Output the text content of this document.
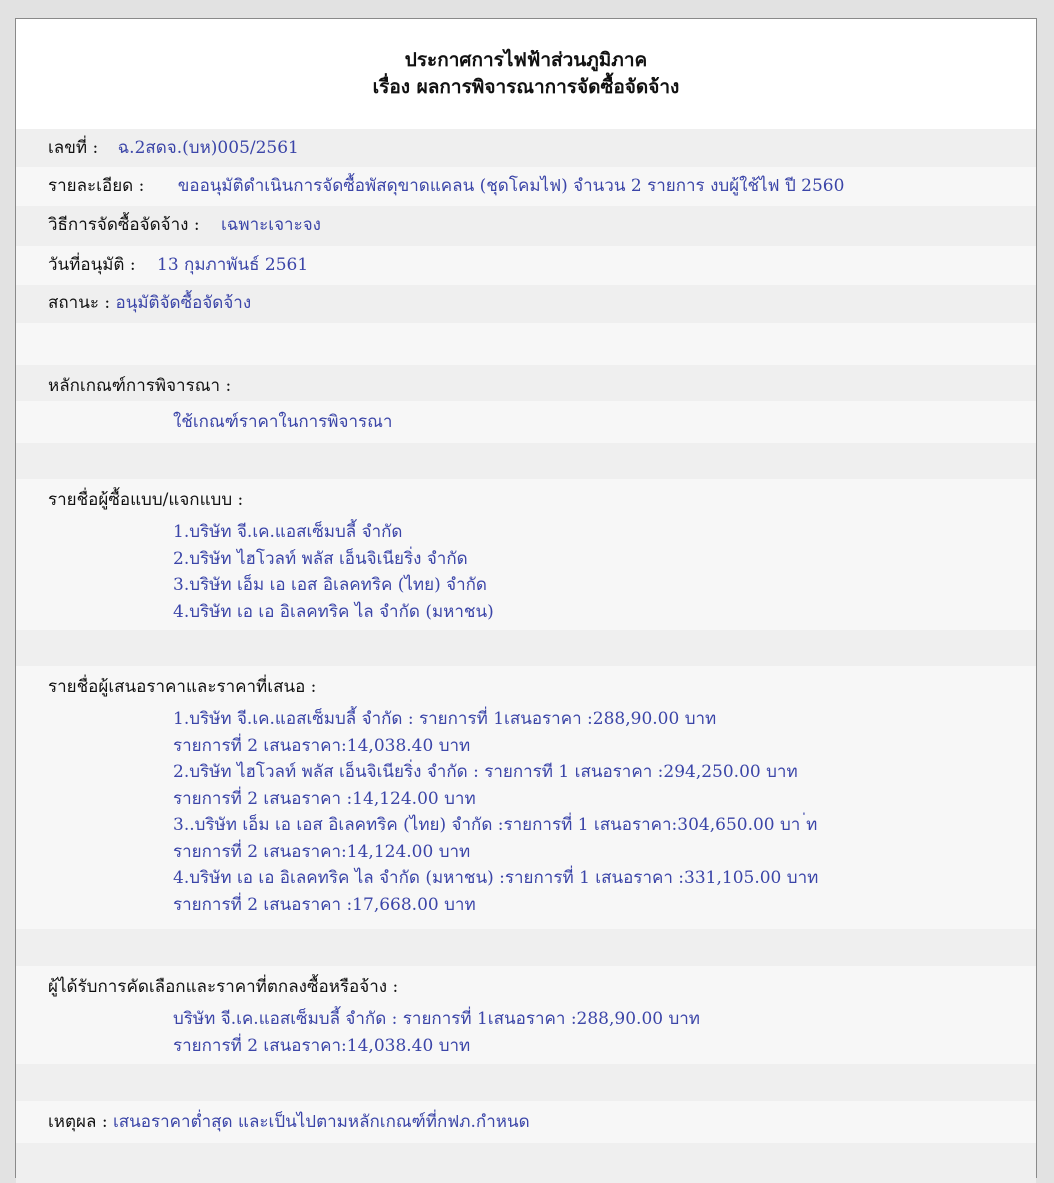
ประกาศการไฟฟ้าส่วนภูมิภาค
เรื่อง ผลการพิจารณาการจัดซื้อจัดจ้าง
เลขที่ : ฉ.2สดจ.(บห)005/2561
รายละเอียด : ขออนุมัติดำเนินการจัดซื้อพัสดุขาดแคลน (ชุดโคมไฟ) จำนวน 2 รายการ งบผู้ใช้ไฟ ปี 2560
วิธีการจัดซื้อจัดจ้าง : เฉพาะเจาะจง
วันที่อนุมัติ : 13 กุมภาพันธ์ 2561
สถานะ : อนุมัติจัดซื้อจัดจ้าง
หลักเกณฑ์การพิจารณา :
ใช้เกณฑ์ราคาในการพิจารณา
รายชื่อผู้ซื้อแบบ/แจกแบบ :
1.บริษัท จี.เค.แอสเซ็มบลี้ จำกัด
2.บริษัท ไฮโวลท์ พลัส เอ็นจิเนียริ่ง จำกัด
3.บริษัท เอ็ม เอ เอส อิเลคทริค (ไทย) จำกัด
4.บริษัท เอ เอ อิเลคทริค ไล จำกัด (มหาชน)
รายชื่อผู้เสนอราคาและราคาที่เสนอ :
1.บริษัท จี.เค.แอสเซ็มบลี้ จำกัด : รายการที่ 1เสนอราคา :288,90.00 บาท
รายการที่ 2 เสนอราคา:14,038.40 บาท
2.บริษัท ไฮโวลท์ พลัส เอ็นจิเนียริ่ง จำกัด : รายการที 1 เสนอราคา :294,250.00 บาท
รายการที่ 2 เสนอราคา :14,124.00 บาท
3..บริษัท เอ็ม เอ เอส อิเลคทริค (ไทย) จำกัด :รายการที่ 1 เสนอราคา:304,650.00 บา ่ท
รายการที่ 2 เสนอราคา:14,124.00 บาท
4.บริษัท เอ เอ อิเลคทริค ไล จำกัด (มหาชน) :รายการที่ 1 เสนอราคา :331,105.00 บาท
รายการที่ 2 เสนอราคา :17,668.00 บาท
ผู้ได้รับการคัดเลือกและราคาที่ตกลงซื้อหรือจ้าง :
บริษัท จี.เค.แอสเซ็มบลี้ จำกัด : รายการที่ 1เสนอราคา :288,90.00 บาท
รายการที่ 2 เสนอราคา:14,038.40 บาท
เหตุผล : เสนอราคาต่ำสุด และเป็นไปตามหลักเกณฑ์ที่กฟภ.กำหนด
